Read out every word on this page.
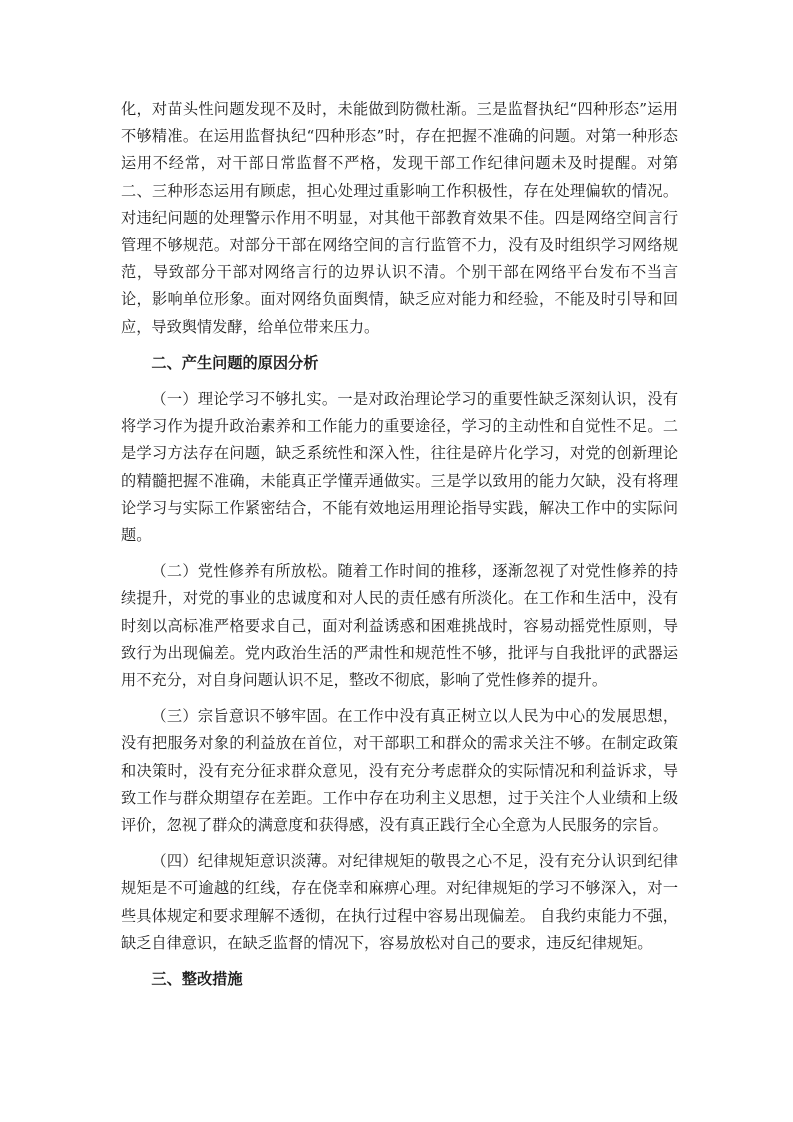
化，对苗头性问题发现不及时，未能做到防微杜渐。三是监督执纪“四种形态”运用不够精准。在运用监督执纪“四种形态”时，存在把握不准确的问题。对第一种形态运用不经常，对干部日常监督不严格，发现干部工作纪律问题未及时提醒。对第二、三种形态运用有顾虑，担心处理过重影响工作积极性，存在处理偏软的情况。对违纪问题的处理警示作用不明显，对其他干部教育效果不佳。四是网络空间言行管理不够规范。对部分干部在网络空间的言行监管不力，没有及时组织学习网络规范，导致部分干部对网络言行的边界认识不清。个别干部在网络平台发布不当言论，影响单位形象。面对网络负面舆情，缺乏应对能力和经验，不能及时引导和回应，导致舆情发酵，给单位带来压力。

二、产生问题的原因分析

（一）理论学习不够扎实。一是对政治理论学习的重要性缺乏深刻认识，没有将学习作为提升政治素养和工作能力的重要途径，学习的主动性和自觉性不足。二是学习方法存在问题，缺乏系统性和深入性，往往是碎片化学习，对党的创新理论的精髓把握不准确，未能真正学懂弄通做实。三是学以致用的能力欠缺，没有将理论学习与实际工作紧密结合，不能有效地运用理论指导实践，解决工作中的实际问题。

（二）党性修养有所放松。随着工作时间的推移，逐渐忽视了对党性修养的持续提升，对党的事业的忠诚度和对人民的责任感有所淡化。在工作和生活中，没有时刻以高标准严格要求自己，面对利益诱惑和困难挑战时，容易动摇党性原则，导致行为出现偏差。党内政治生活的严肃性和规范性不够，批评与自我批评的武器运用不充分，对自身问题认识不足，整改不彻底，影响了党性修养的提升。

（三）宗旨意识不够牢固。在工作中没有真正树立以人民为中心的发展思想，没有把服务对象的利益放在首位，对干部职工和群众的需求关注不够。在制定政策和决策时，没有充分征求群众意见，没有充分考虑群众的实际情况和利益诉求，导致工作与群众期望存在差距。工作中存在功利主义思想，过于关注个人业绩和上级评价，忽视了群众的满意度和获得感，没有真正践行全心全意为人民服务的宗旨。

（四）纪律规矩意识淡薄。对纪律规矩的敬畏之心不足，没有充分认识到纪律规矩是不可逾越的红线，存在侥幸和麻痹心理。对纪律规矩的学习不够深入，对一些具体规定和要求理解不透彻，在执行过程中容易出现偏差。 自我约束能力不强，缺乏自律意识，在缺乏监督的情况下，容易放松对自己的要求，违反纪律规矩。

三、整改措施
